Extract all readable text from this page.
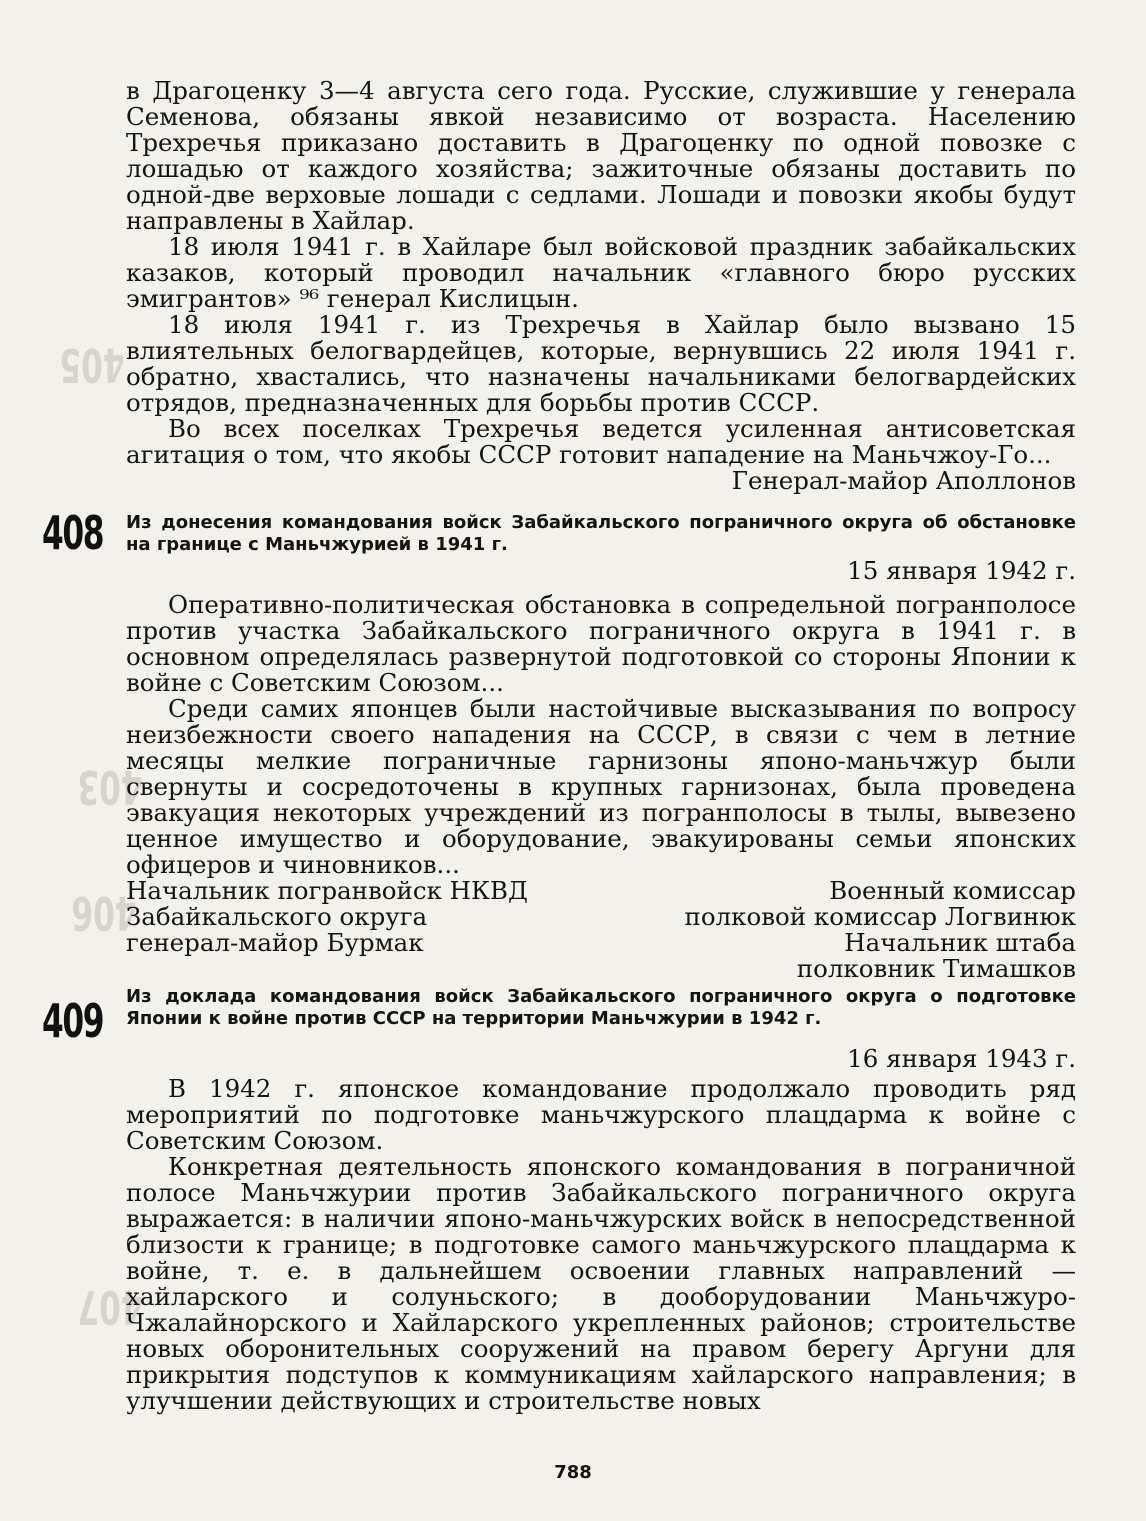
405
403
406
407

в Драгоценку 3—4 августа сего года. Русские, служившие у генерала Семенова, обязаны явкой независимо от возраста. Населению Трехречья приказано доставить в Драгоценку по одной повозке с лошадью от каждого хозяйства; зажиточные обязаны доставить по одной-две верховые лошади с седлами. Лошади и повозки якобы будут направлены в Хайлар.

18 июля 1941 г. в Хайларе был войсковой праздник забайкальских казаков, который проводил начальник «главного бюро русских эмигрантов» ⁹⁶ генерал Кислицын.

18 июля 1941 г. из Трехречья в Хайлар было вызвано 15 влиятельных белогвардейцев, которые, вернувшись 22 июля 1941 г. обратно, хвастались, что назначены начальниками белогвардейских отрядов, предназначенных для борьбы против СССР.

Во всех поселках Трехречья ведется усиленная антисоветская агитация о том, что якобы СССР готовит нападение на Маньчжоу-Го...

Генерал-майор Аполлонов

408 Из донесения командования войск Забайкальского пограничного округа об обстановке на границе с Маньчжурией в 1941 г.

15 января 1942 г.

Оперативно-политическая обстановка в сопредельной погранполосе против участка Забайкальского пограничного округа в 1941 г. в основном определялась развернутой подготовкой со стороны Японии к войне с Советским Союзом...

Среди самих японцев были настойчивые высказывания по вопросу неизбежности своего нападения на СССР, в связи с чем в летние месяцы мелкие пограничные гарнизоны японо-маньчжур были свернуты и сосредоточены в крупных гарнизонах, была проведена эвакуация некоторых учреждений из погранполосы в тылы, вывезено ценное имущество и оборудование, эвакуированы семьи японских офицеров и чиновников...

Начальник погранвойск НКВД
Забайкальского округа
генерал-майор Бурмак
Военный комиссар
полковой комиссар Логвинюк
Начальник штаба
полковник Тимашков
409 Из доклада командования войск Забайкальского пограничного округа о подготовке Японии к войне против СССР на территории Маньчжурии в 1942 г.

16 января 1943 г.

В 1942 г. японское командование продолжало проводить ряд мероприятий по подготовке маньчжурского плацдарма к войне с Советским Союзом.

Конкретная деятельность японского командования в пограничной полосе Маньчжурии против Забайкальского пограничного округа выражается: в наличии японо-маньчжурских войск в непосредственной близости к границе; в подготовке самого маньчжурского плацдарма к войне, т. е. в дальнейшем освоении главных направлений — хайларского и солуньского; в дооборудовании Маньчжуро-Чжалайнорского и Хайларского укрепленных районов; строительстве новых оборонительных сооружений на правом берегу Аргуни для прикрытия подступов к коммуникациям хайларского направления; в улучшении действующих и строительстве новых

788
